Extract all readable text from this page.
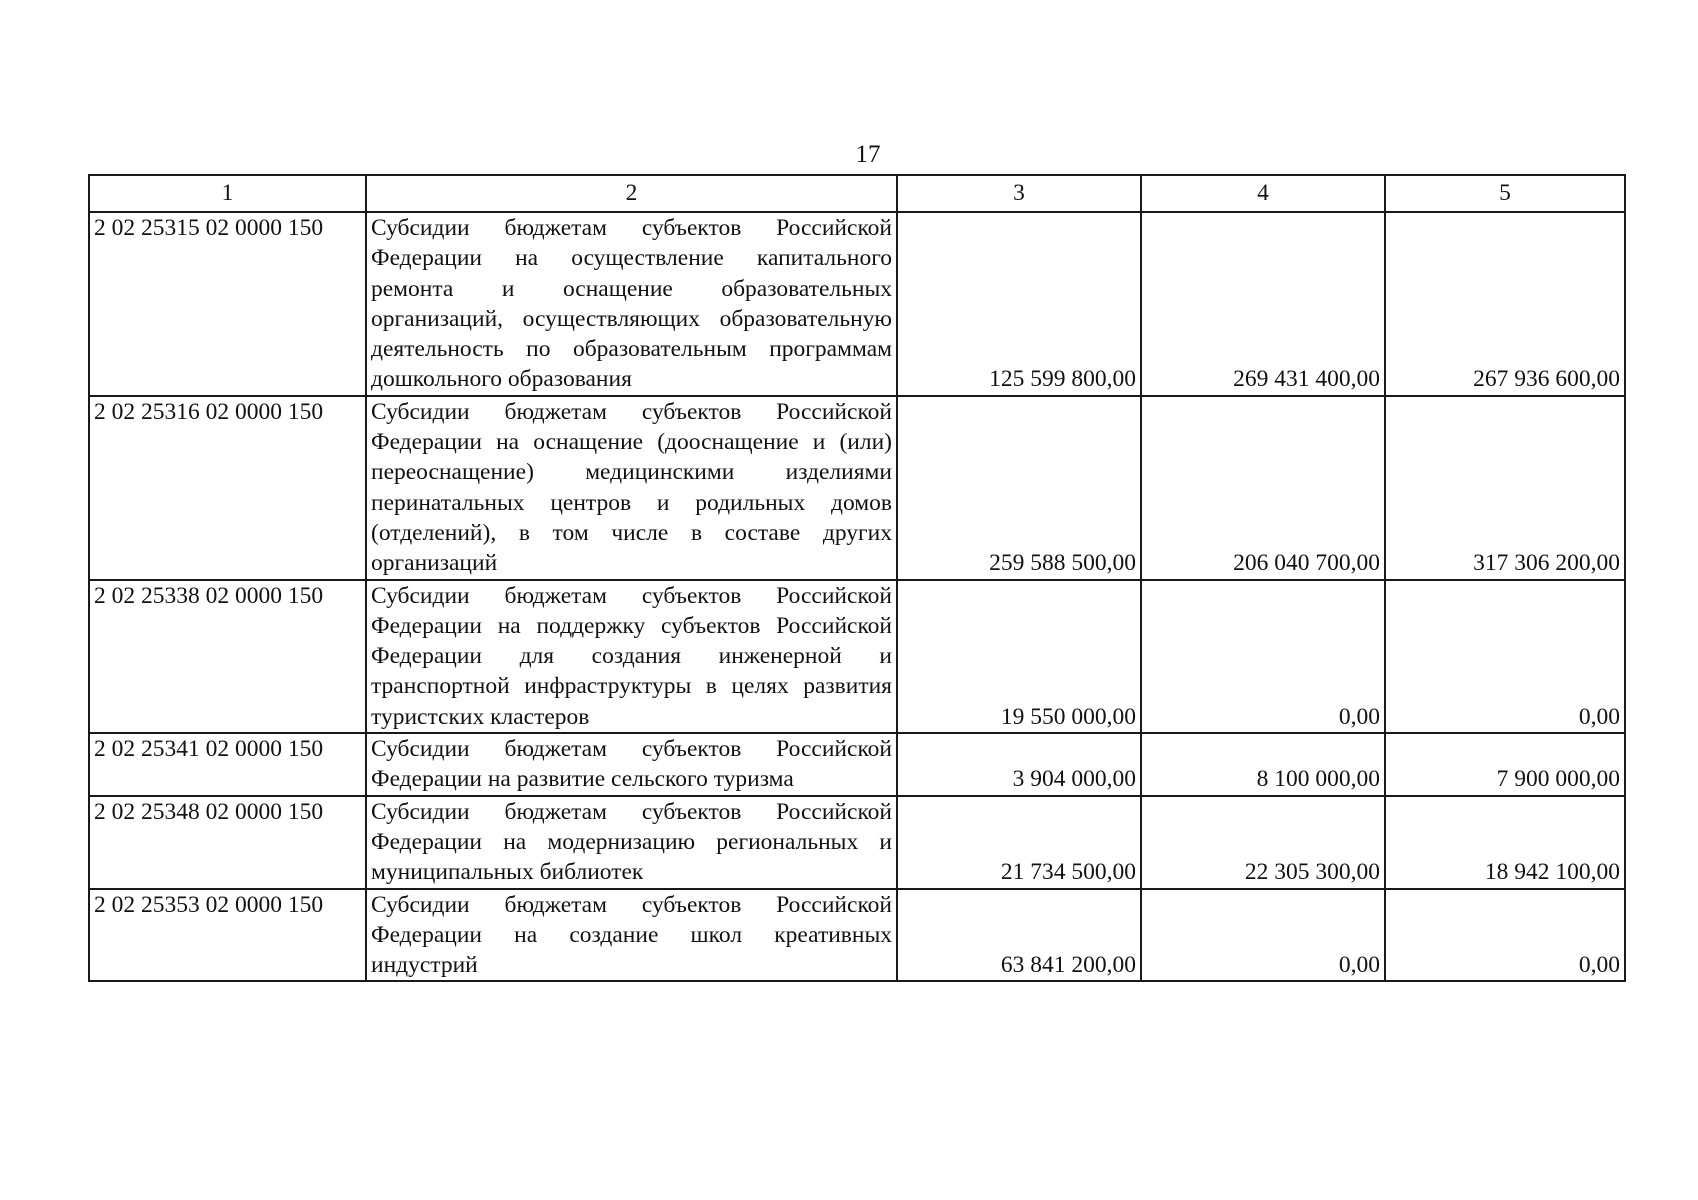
17
1	2	3	4	5
2 02 25315 02 0000 150	Субсидии бюджетам субъектов Российской Федерации на осуществление капитального ремонта и оснащение образовательных организаций, осуществляющих образовательную деятельность по образовательным программам дошкольного образования	125 599 800,00	269 431 400,00	267 936 600,00
2 02 25316 02 0000 150	Субсидии бюджетам субъектов Российской Федерации на оснащение (дооснащение и (или) переоснащение) медицинскими изделиями перинатальных центров и родильных домов (отделений), в том числе в составе других организаций	259 588 500,00	206 040 700,00	317 306 200,00
2 02 25338 02 0000 150	Субсидии бюджетам субъектов Российской Федерации на поддержку субъектов Российской Федерации для создания инженерной и транспортной инфраструктуры в целях развития туристских кластеров	19 550 000,00	0,00	0,00
2 02 25341 02 0000 150	Субсидии бюджетам субъектов Российской Федерации на развитие сельского туризма	3 904 000,00	8 100 000,00	7 900 000,00
2 02 25348 02 0000 150	Субсидии бюджетам субъектов Российской Федерации на модернизацию региональных и муниципальных библиотек	21 734 500,00	22 305 300,00	18 942 100,00
2 02 25353 02 0000 150	Субсидии бюджетам субъектов Российской Федерации на создание школ креативных индустрий	63 841 200,00	0,00	0,00
